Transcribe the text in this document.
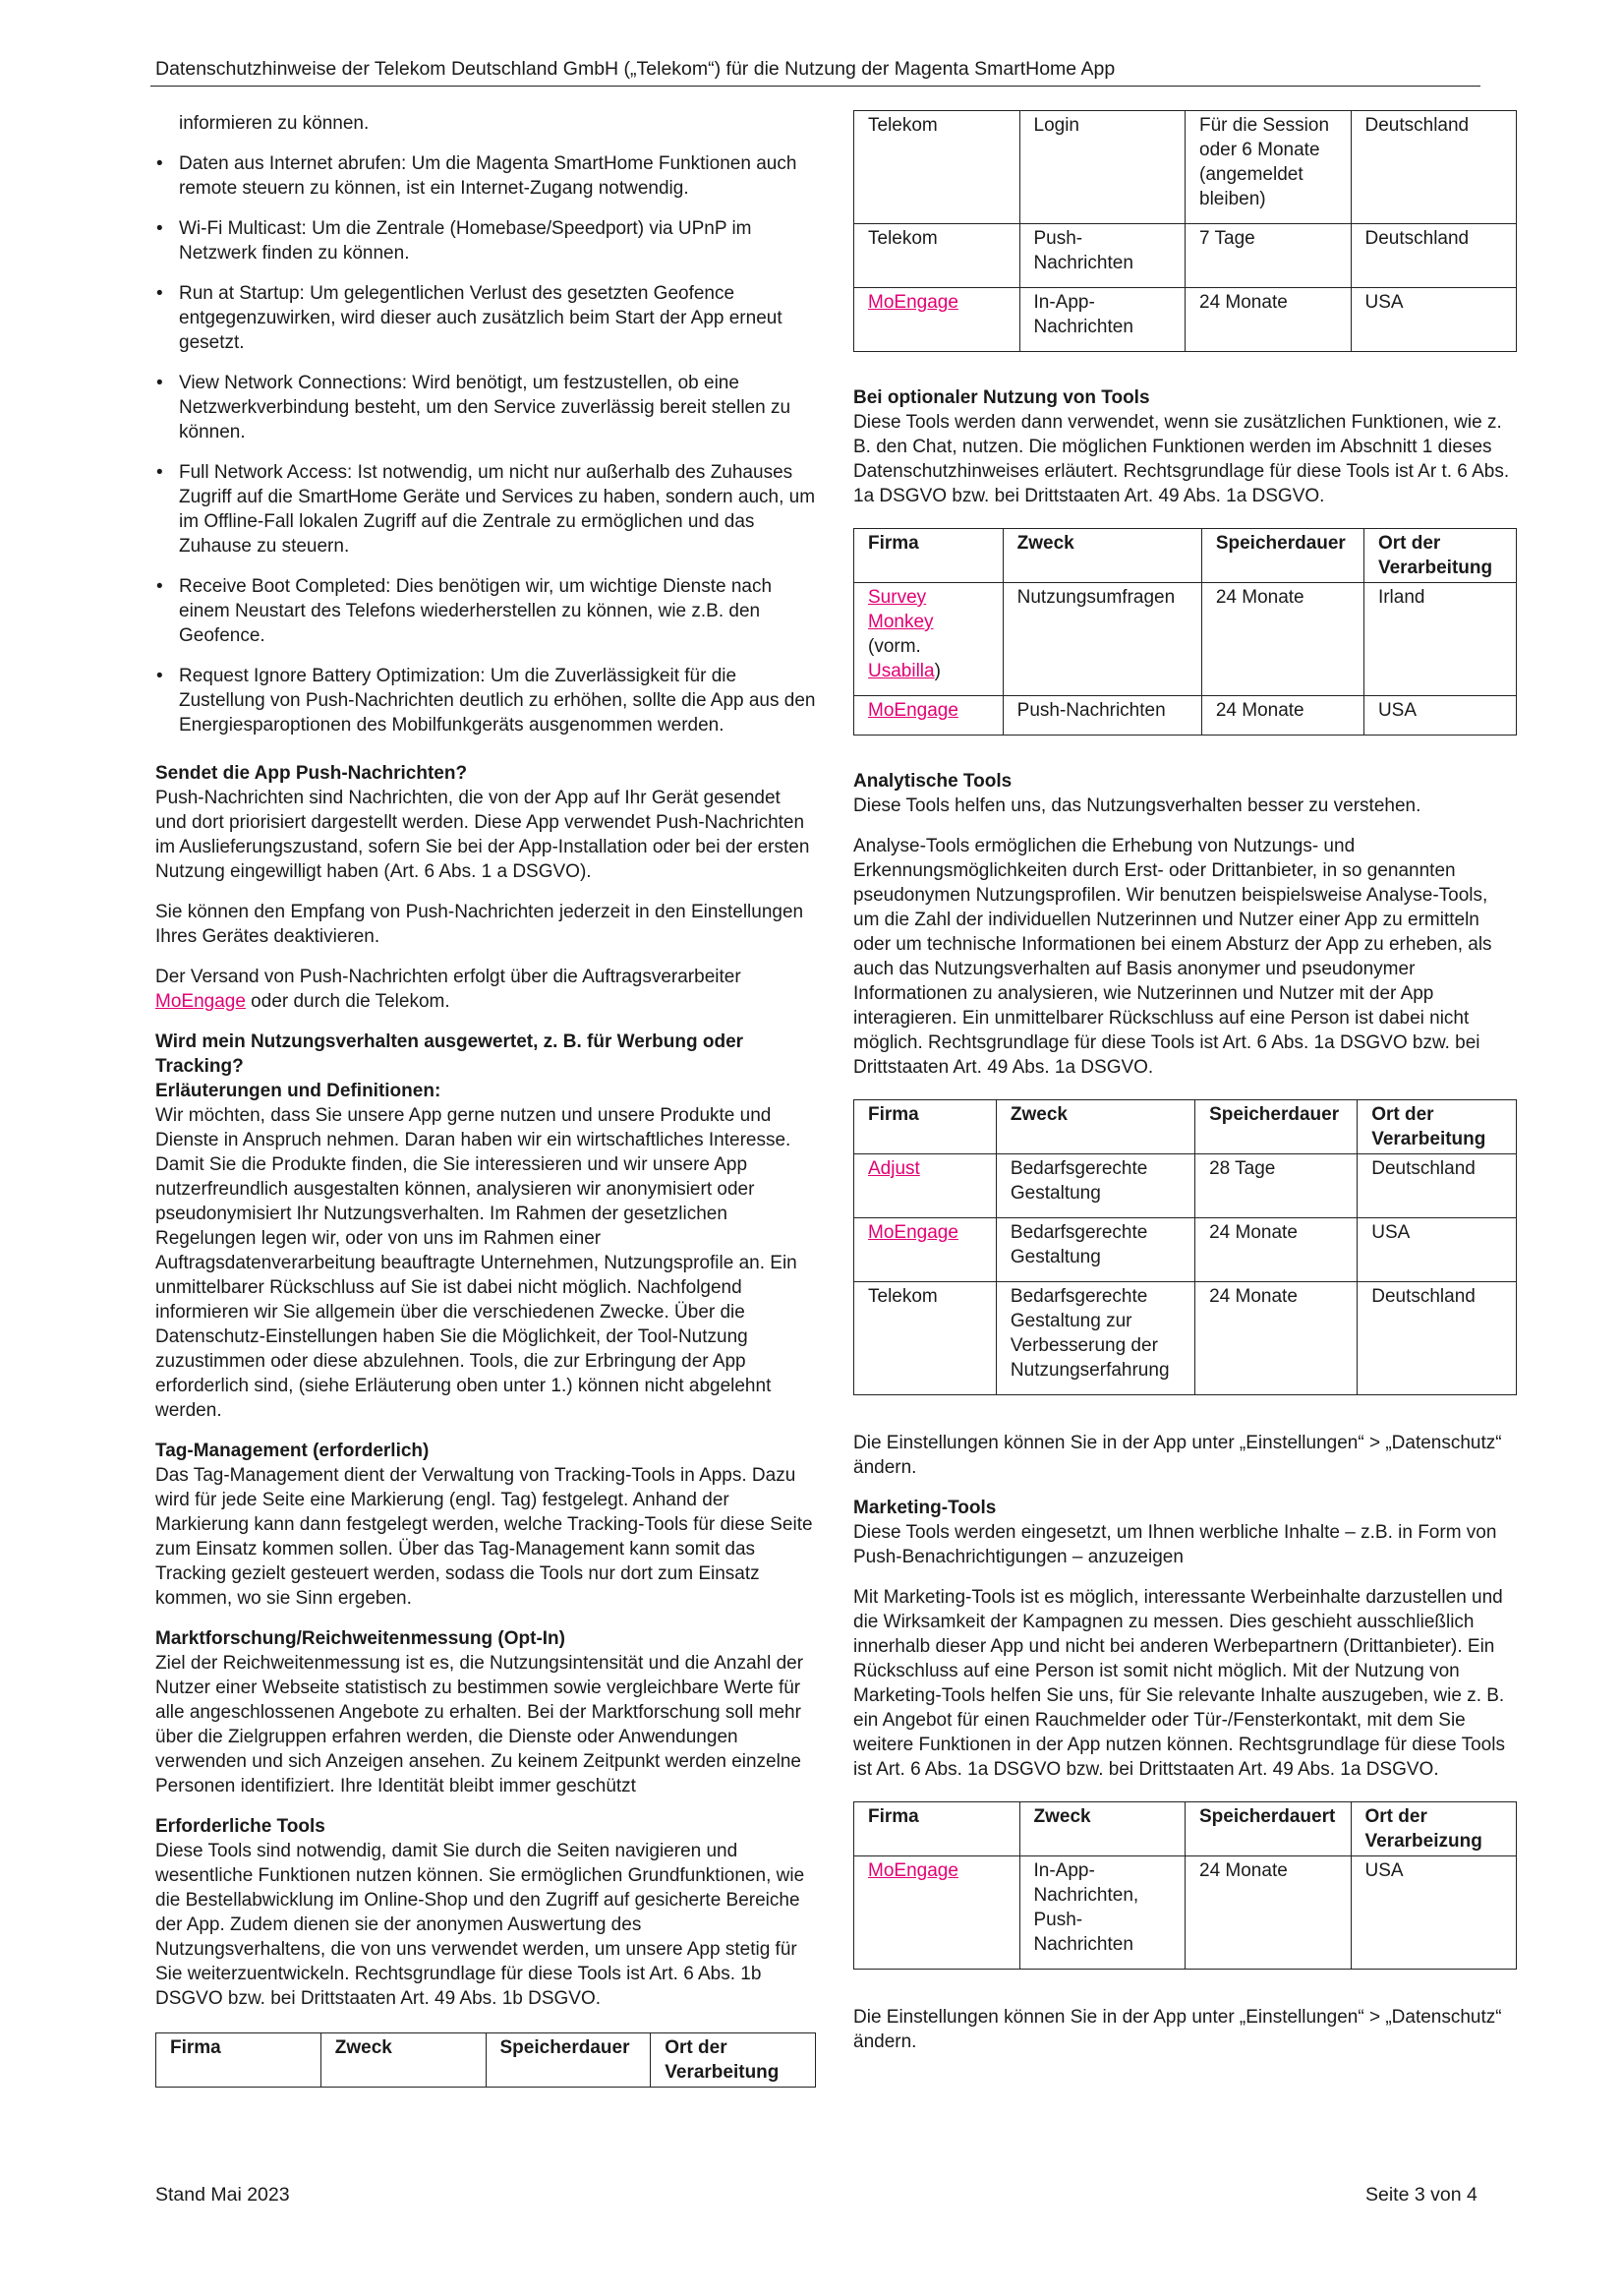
Datenschutzhinweise der Telekom Deutschland GmbH („Telekom“) für die Nutzung der Magenta SmartHome App
informieren zu können.
• Daten aus Internet abrufen: Um die Magenta SmartHome Funktionen auch remote steuern zu können, ist ein Internet-Zugang notwendig.
• Wi-Fi Multicast: Um die Zentrale (Homebase/Speedport) via UPnP im Netzwerk finden zu können.
• Run at Startup: Um gelegentlichen Verlust des gesetzten Geofence entgegenzuwirken, wird dieser auch zusätzlich beim Start der App erneut gesetzt.
• View Network Connections: Wird benötigt, um festzustellen, ob eine Netzwerkverbindung besteht, um den Service zuverlässig bereit stellen zu können.
• Full Network Access: Ist notwendig, um nicht nur außerhalb des Zuhauses Zugriff auf die SmartHome Geräte und Services zu haben, sondern auch, um im Offline-Fall lokalen Zugriff auf die Zentrale zu ermöglichen und das Zuhause zu steuern.
• Receive Boot Completed: Dies benötigen wir, um wichtige Dienste nach einem Neustart des Telefons wiederherstellen zu können, wie z.B. den Geofence.
• Request Ignore Battery Optimization: Um die Zuverlässigkeit für die Zustellung von Push-Nachrichten deutlich zu erhöhen, sollte die App aus den Energiesparoptionen des Mobilfunkgeräts ausgenommen werden.

Sendet die App Push-Nachrichten?
Push-Nachrichten sind Nachrichten, die von der App auf Ihr Gerät gesendet und dort priorisiert dargestellt werden. Diese App verwendet Push-Nachrichten im Auslieferungszustand, sofern Sie bei der App-Installation oder bei der ersten Nutzung eingewilligt haben (Art. 6 Abs. 1 a DSGVO).

Sie können den Empfang von Push-Nachrichten jederzeit in den Einstellungen Ihres Gerätes deaktivieren.

Der Versand von Push-Nachrichten erfolgt über die Auftragsverarbeiter MoEngage oder durch die Telekom.

Wird mein Nutzungsverhalten ausgewertet, z. B. für Werbung oder Tracking?
Erläuterungen und Definitionen:
Wir möchten, dass Sie unsere App gerne nutzen und unsere Produkte und Dienste in Anspruch nehmen. Daran haben wir ein wirtschaftliches Interesse. Damit Sie die Produkte finden, die Sie interessieren und wir unsere App nutzerfreundlich ausgestalten können, analysieren wir anonymisiert oder pseudonymisiert Ihr Nutzungsverhalten. Im Rahmen der gesetzlichen Regelungen legen wir, oder von uns im Rahmen einer Auftragsdatenverarbeitung beauftragte Unternehmen, Nutzungsprofile an. Ein unmittelbarer Rückschluss auf Sie ist dabei nicht möglich. Nachfolgend informieren wir Sie allgemein über die verschiedenen Zwecke. Über die Datenschutz-Einstellungen haben Sie die Möglichkeit, der Tool-Nutzung zuzustimmen oder diese abzulehnen. Tools, die zur Erbringung der App erforderlich sind, (siehe Erläuterung oben unter 1.) können nicht abgelehnt werden.

Tag-Management (erforderlich)
Das Tag-Management dient der Verwaltung von Tracking-Tools in Apps. Dazu wird für jede Seite eine Markierung (engl. Tag) festgelegt. Anhand der Markierung kann dann festgelegt werden, welche Tracking-Tools für diese Seite zum Einsatz kommen sollen. Über das Tag-Management kann somit das Tracking gezielt gesteuert werden, sodass die Tools nur dort zum Einsatz kommen, wo sie Sinn ergeben.

Marktforschung/Reichweitenmessung (Opt-In)
Ziel der Reichweitenmessung ist es, die Nutzungsintensität und die Anzahl der Nutzer einer Webseite statistisch zu bestimmen sowie vergleichbare Werte für alle angeschlossenen Angebote zu erhalten. Bei der Marktforschung soll mehr über die Zielgruppen erfahren werden, die Dienste oder Anwendungen verwenden und sich Anzeigen ansehen. Zu keinem Zeitpunkt werden einzelne Personen identifiziert. Ihre Identität bleibt immer geschützt

Erforderliche Tools
Diese Tools sind notwendig, damit Sie durch die Seiten navigieren und wesentliche Funktionen nutzen können. Sie ermöglichen Grundfunktionen, wie die Bestellabwicklung im Online-Shop und den Zugriff auf gesicherte Bereiche der App. Zudem dienen sie der anonymen Auswertung des Nutzungsverhaltens, die von uns verwendet werden, um unsere App stetig für Sie weiterzuentwickeln. Rechtsgrundlage für diese Tools ist Art. 6 Abs. 1b DSGVO bzw. bei Drittstaaten Art. 49 Abs. 1b DSGVO.

Firma	Zweck	Speicherdauer	Ort der Verarbeitung
Telekom	Login	Für die Session oder 6 Monate (angemeldet bleiben)	Deutschland
Telekom	Push-Nachrichten	7 Tage	Deutschland
MoEngage	In-App-Nachrichten	24 Monate	USA

Bei optionaler Nutzung von Tools
Diese Tools werden dann verwendet, wenn sie zusätzlichen Funktionen, wie z. B. den Chat, nutzen. Die möglichen Funktionen werden im Abschnitt 1 dieses Datenschutzhinweises erläutert. Rechtsgrundlage für diese Tools ist Ar t. 6 Abs. 1a DSGVO bzw. bei Drittstaaten Art. 49 Abs. 1a DSGVO.

Firma	Zweck	Speicherdauer	Ort der Verarbeitung
Survey Monkey (vorm. Usabilla)	Nutzungsumfragen	24 Monate	Irland
MoEngage	Push-Nachrichten	24 Monate	USA

Analytische Tools
Diese Tools helfen uns, das Nutzungsverhalten besser zu verstehen.

Analyse-Tools ermöglichen die Erhebung von Nutzungs- und Erkennungsmöglichkeiten durch Erst- oder Drittanbieter, in so genannten pseudonymen Nutzungsprofilen. Wir benutzen beispielsweise Analyse-Tools, um die Zahl der individuellen Nutzerinnen und Nutzer einer App zu ermitteln oder um technische Informationen bei einem Absturz der App zu erheben, als auch das Nutzungsverhalten auf Basis anonymer und pseudonymer Informationen zu analysieren, wie Nutzerinnen und Nutzer mit der App interagieren. Ein unmittelbarer Rückschluss auf eine Person ist dabei nicht möglich. Rechtsgrundlage für diese Tools ist Art. 6 Abs. 1a DSGVO bzw. bei Drittstaaten Art. 49 Abs. 1a DSGVO.

Firma	Zweck	Speicherdauer	Ort der Verarbeitung
Adjust	Bedarfsgerechte Gestaltung	28 Tage	Deutschland
MoEngage	Bedarfsgerechte Gestaltung	24 Monate	USA
Telekom	Bedarfsgerechte Gestaltung zur Verbesserung der Nutzungserfahrung	24 Monate	Deutschland

Die Einstellungen können Sie in der App unter „Einstellungen“ > „Datenschutz“ ändern.

Marketing-Tools
Diese Tools werden eingesetzt, um Ihnen werbliche Inhalte – z.B. in Form von Push-Benachrichtigungen – anzuzeigen

Mit Marketing-Tools ist es möglich, interessante Werbeinhalte darzustellen und die Wirksamkeit der Kampagnen zu messen. Dies geschieht ausschließlich innerhalb dieser App und nicht bei anderen Werbepartnern (Drittanbieter). Ein Rückschluss auf eine Person ist somit nicht möglich. Mit der Nutzung von Marketing-Tools helfen Sie uns, für Sie relevante Inhalte auszugeben, wie z. B. ein Angebot für einen Rauchmelder oder Tür-/Fensterkontakt, mit dem Sie weitere Funktionen in der App nutzen können. Rechtsgrundlage für diese Tools ist Art. 6 Abs. 1a DSGVO bzw. bei Drittstaaten Art. 49 Abs. 1a DSGVO.

Firma	Zweck	Speicherdauert	Ort der Verarbeizung
MoEngage	In-App-Nachrichten, Push-Nachrichten	24 Monate	USA

Die Einstellungen können Sie in der App unter „Einstellungen“ > „Datenschutz“ ändern.

Stand Mai 2023	Seite 3 von 4
